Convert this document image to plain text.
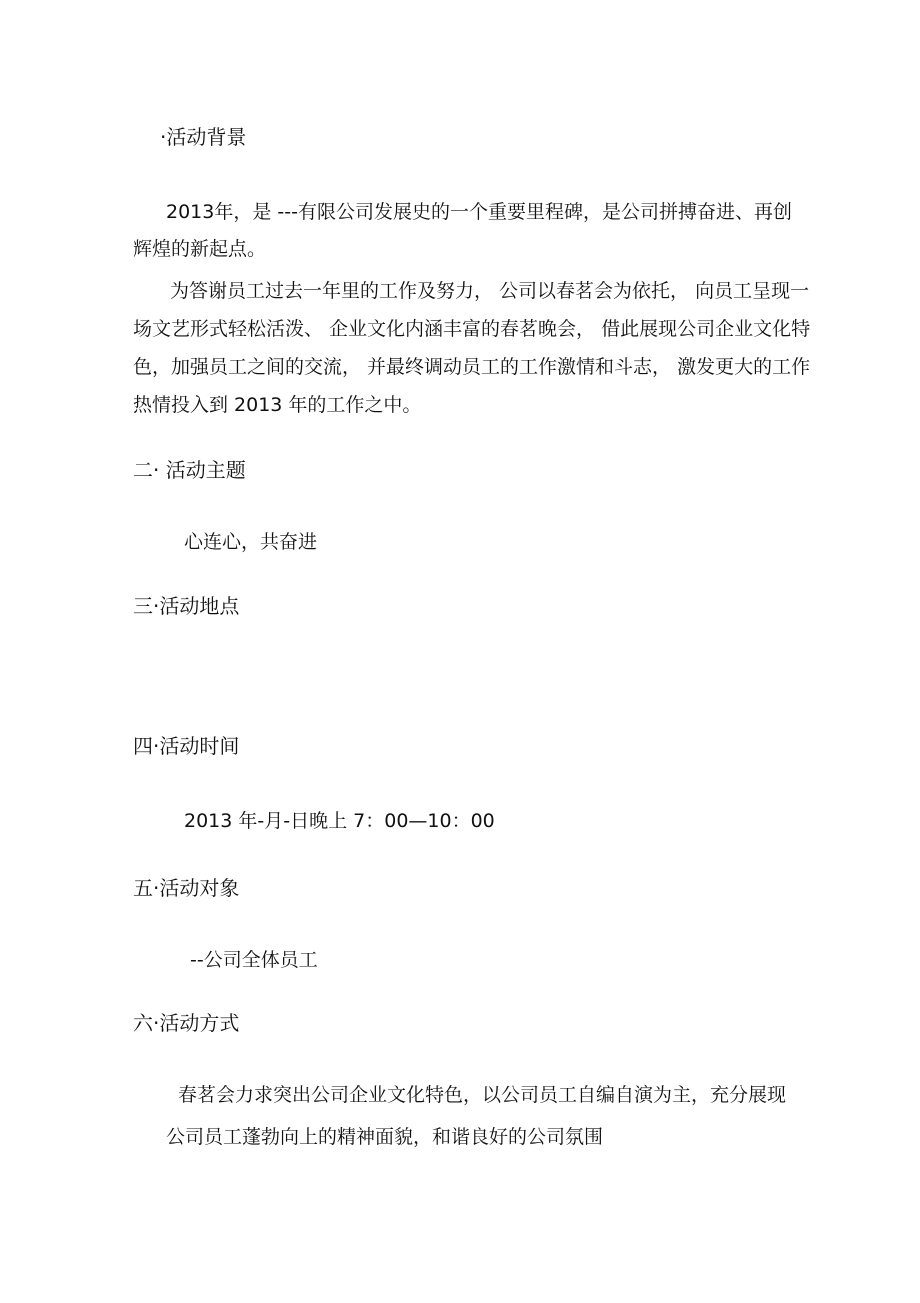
·活动背景
2013年，是 ---有限公司发展史的一个重要里程碑，是公司拼搏奋进、再创
辉煌的新起点。
为答谢员工过去一年里的工作及努力， 公司以春茗会为依托， 向员工呈现一
场文艺形式轻松活泼、 企业文化内涵丰富的春茗晚会， 借此展现公司企业文化特
色，加强员工之间的交流， 并最终调动员工的工作激情和斗志， 激发更大的工作
热情投入到 2013 年的工作之中。
二· 活动主题
心连心，共奋进
三·活动地点
四·活动时间
2013 年-月-日晚上 7：00—10：00
五·活动对象
--公司全体员工
六·活动方式
春茗会力求突出公司企业文化特色，以公司员工自编自演为主，充分展现
公司员工蓬勃向上的精神面貌，和谐良好的公司氛围
